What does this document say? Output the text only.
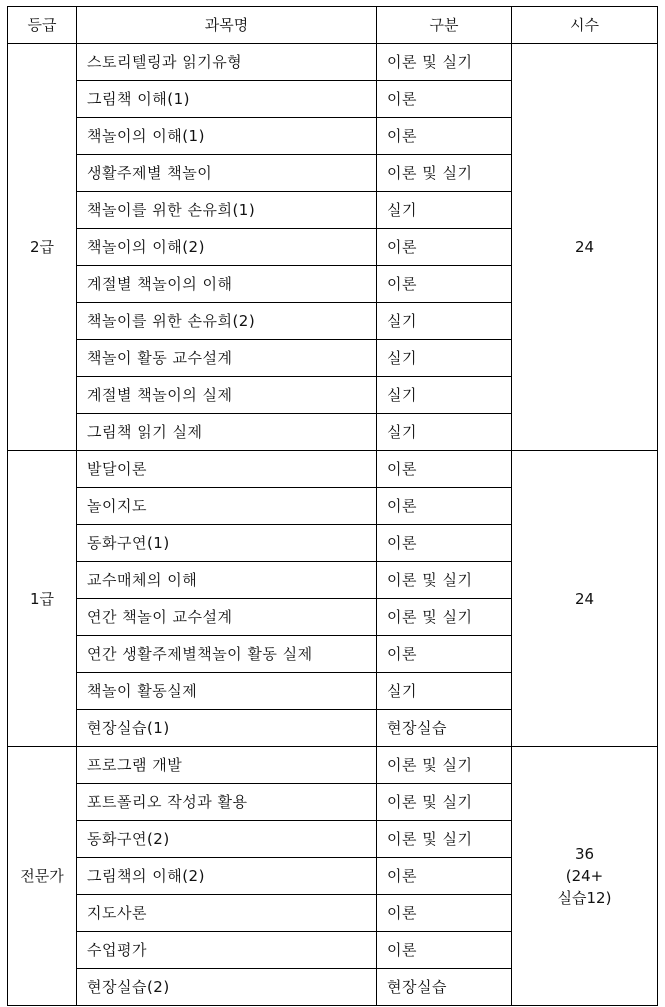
등급	과목명	구분	시수
2급	스토리텔링과 읽기유형	이론 및 실기	24

	그림책 이해(1)	이론	
	책놀이의 이해(1)	이론	
	생활주제별 책놀이	이론 및 실기	
	책놀이를 위한 손유희(1)	실기	
	책놀이의 이해(2)	이론	
	계절별 책놀이의 이해	이론	
	책놀이를 위한 손유희(2)	실기	
	책놀이 활동 교수설계	실기	
	계절별 책놀이의 실제	실기	
	그림책 읽기 실제	실기	
1급	발달이론	이론	24

	놀이지도	이론	
	동화구연(1)	이론	
	교수매체의 이해	이론 및 실기	
	연간 책놀이 교수설계	이론 및 실기	
	연간 생활주제별책놀이 활동 실제	이론	
	책놀이 활동실제	실기	
	현장실습(1)	현장실습	
전문가	프로그램 개발	이론 및 실기	36
(24+
실습12)

	포트폴리오 작성과 활용	이론 및 실기	
	동화구연(2)	이론 및 실기	
	그림책의 이해(2)	이론	
	지도사론	이론	
	수업평가	이론	
	현장실습(2)	현장실습	
